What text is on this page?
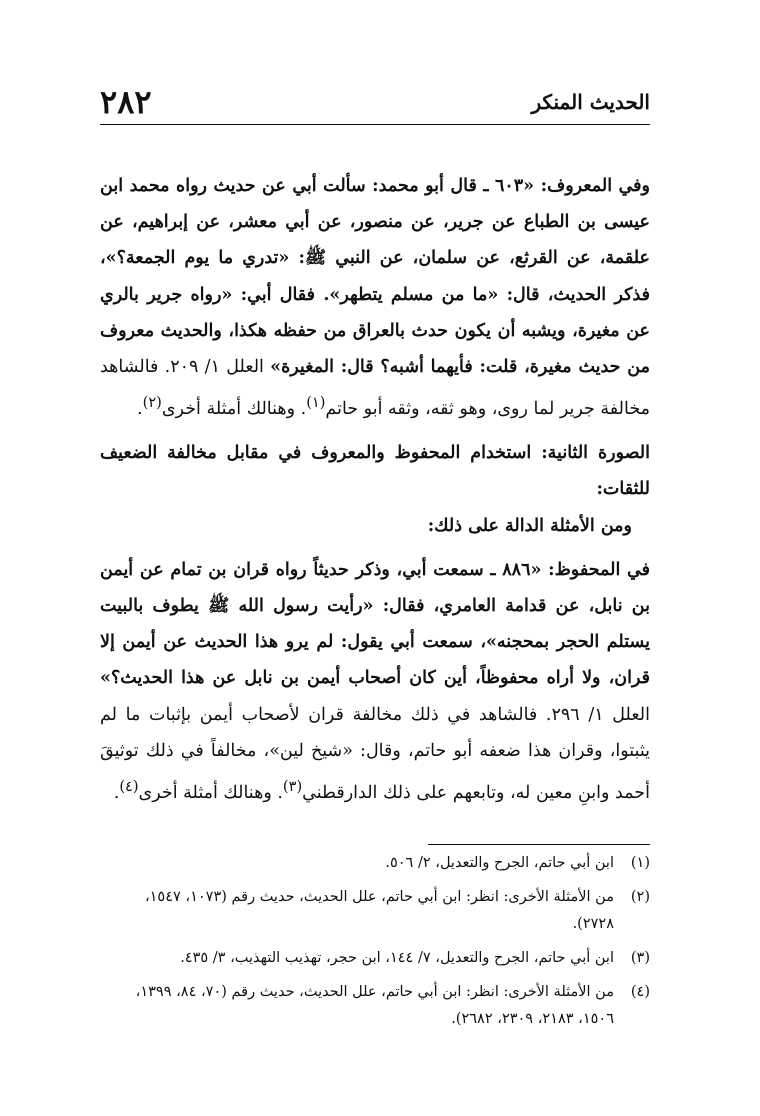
٢٨٢	الحديث المنكر

وفي المعروف: «٦٠٣ ـ قال أبو محمد: سألت أبي عن حديث رواه محمد ابن عيسى بن الطباع عن جرير، عن منصور، عن أبي معشر، عن إبراهيم، عن علقمة، عن القرثع، عن سلمان، عن النبي ﷺ: «تدري ما يوم الجمعة؟»، فذكر الحديث، قال: «ما من مسلم يتطهر». فقال أبي: «رواه جرير بالري عن مغيرة، ويشبه أن يكون حدث بالعراق من حفظه هكذا، والحديث معروف من حديث مغيرة، قلت: فأيهما أشبه؟ قال: المغيرة» العلل ١/ ٢٠٩. فالشاهد مخالفة جرير لما روى، وهو ثقه، وثقه أبو حاتم$^{(١)}$. وهنالك أمثلة أخرى$^{(٢)}$.

الصورة الثانية: استخدام المحفوظ والمعروف في مقابل مخالفة الضعيف للثقات:

ومن الأمثلة الدالة على ذلك:

في المحفوظ: «٨٨٦ ـ سمعت أبي، وذكر حديثاً رواه قران بن تمام عن أيمن بن نابل، عن قدامة العامري، فقال: «رأيت رسول الله ﷺ يطوف بالبيت يستلم الحجر بمحجنه»، سمعت أبي يقول: لم يرو هذا الحديث عن أيمن إلا قران، ولا أراه محفوظاً، أين كان أصحاب أيمن بن نابل عن هذا الحديث؟» العلل ١/ ٢٩٦. فالشاهد في ذلك مخالفة قران لأصحاب أيمن بإثبات ما لم يثبتوا، وقران هذا ضعفه أبو حاتم، وقال: «شيخ لين»، مخالفاً في ذلك توثيقَ أحمد وابنِ معين له، وتابعهم على ذلك الدارقطني$^{(٣)}$. وهنالك أمثلة أخرى$^{(٤)}$.

(١)
ابن أبي حاتم، الجرح والتعديل، ٢/ ٥٠٦.
(٢)
من الأمثلة الأخرى: انظر: ابن أبي حاتم، علل الحديث، حديث رقم (١٠٧٣، ١٥٤٧، ٢٧٢٨).
(٣)
ابن أبي حاتم، الجرح والتعديل، ٧/ ١٤٤، ابن حجر، تهذيب التهذيب، ٣/ ٤٣٥.
(٤)
من الأمثلة الأخرى: انظر: ابن أبي حاتم، علل الحديث، حديث رقم (٧٠، ٨٤، ١٣٩٩، ١٥٠٦، ٢١٨٣، ٢٣٠٩، ٢٦٨٢).
